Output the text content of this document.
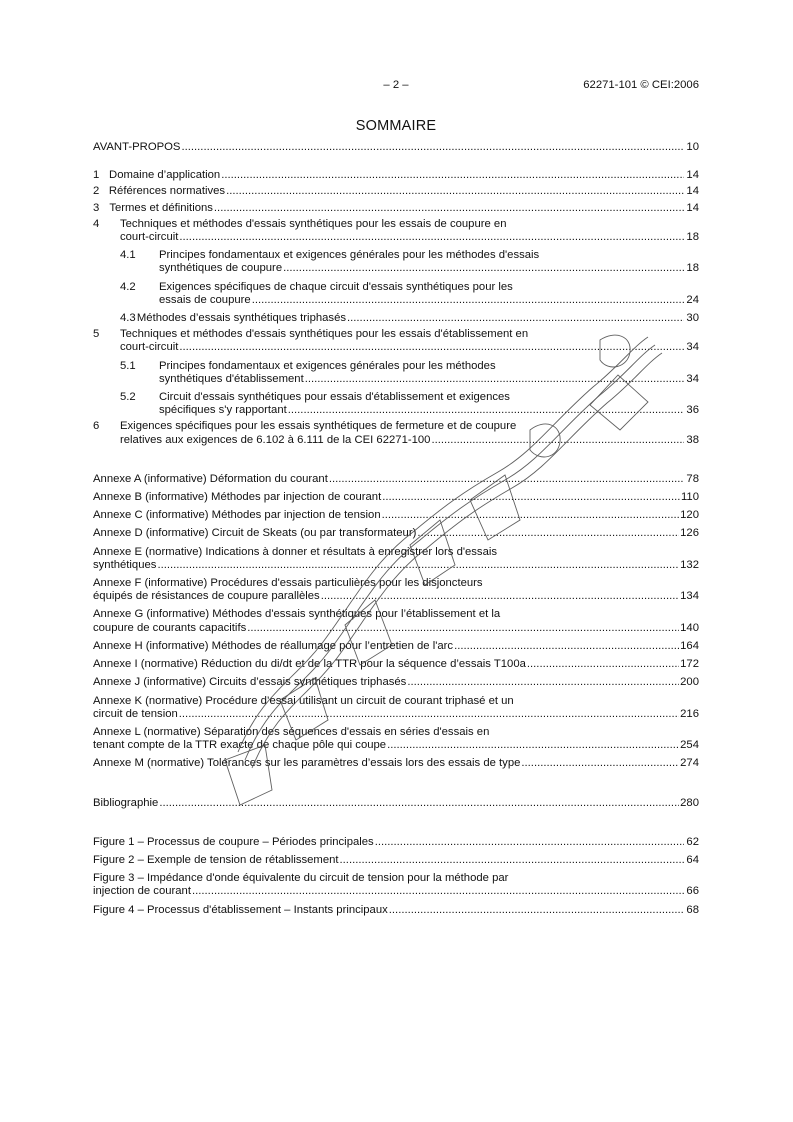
– 2 –	62271-101 © CEI:2006
SOMMAIRE
AVANT-PROPOS .....	10
1 Domaine d’application .....	14
2 Références normatives .....	14
3 Termes et définitions .....	14
4	Techniques et méthodes d'essais synthétiques pour les essais de coupure en
court-circuit .....	18
4.1	Principes fondamentaux et exigences générales pour les méthodes d'essais
synthétiques de coupure .....	18
4.2	Exigences spécifiques de chaque circuit d'essais synthétiques pour les
essais de coupure .....	24
4.3 Méthodes d’essais synthétiques triphasés .....	30
5	Techniques et méthodes d'essais synthétiques pour les essais d'établissement en
court-circuit .....	34
5.1	Principes fondamentaux et exigences générales pour les méthodes
synthétiques d'établissement .....	34
5.2	Circuit d'essais synthétiques pour essais d'établissement et exigences
spécifiques s'y rapportant .....	36
6	Exigences spécifiques pour les essais synthétiques de fermeture et de coupure
relatives aux exigences de 6.102 à 6.111 de la CEI 62271-100 .....	38
Annexe A (informative) Déformation du courant .....	78
Annexe B (informative) Méthodes par injection de courant .....	110
Annexe C (informative) Méthodes par injection de tension .....	120
Annexe D (informative) Circuit de Skeats (ou par transformateur) .....	126
Annexe E (normative) Indications à donner et résultats à enregistrer lors d'essais
synthétiques .....	132
Annexe F (informative) Procédures d'essais particulières pour les disjoncteurs
équipés de résistances de coupure parallèles .....	134
Annexe G (informative) Méthodes d'essais synthétiques pour l’établissement et la
coupure de courants capacitifs .....	140
Annexe H (informative) Méthodes de réallumage pour l’entretien de l'arc .....	164
Annexe I (normative) Réduction du di/dt et de la TTR pour la séquence d’essais T100a .....	172
Annexe J (informative) Circuits d’essais synthétiques triphasés .....	200
Annexe K (normative) Procédure d’essai utilisant un circuit de courant triphasé et un
circuit de tension .....	216
Annexe L (normative) Séparation des séquences d'essais en séries d'essais en
tenant compte de la TTR exacte de chaque pôle qui coupe .....	254
Annexe M (normative) Tolérances sur les paramètres d’essais lors des essais de type .....	274
Bibliographie .....	280
Figure 1 – Processus de coupure – Périodes principales .....	62
Figure 2 – Exemple de tension de rétablissement .....	64
Figure 3 – Impédance d'onde équivalente du circuit de tension pour la méthode par
injection de courant .....	66
Figure 4 – Processus d'établissement – Instants principaux .....	68
